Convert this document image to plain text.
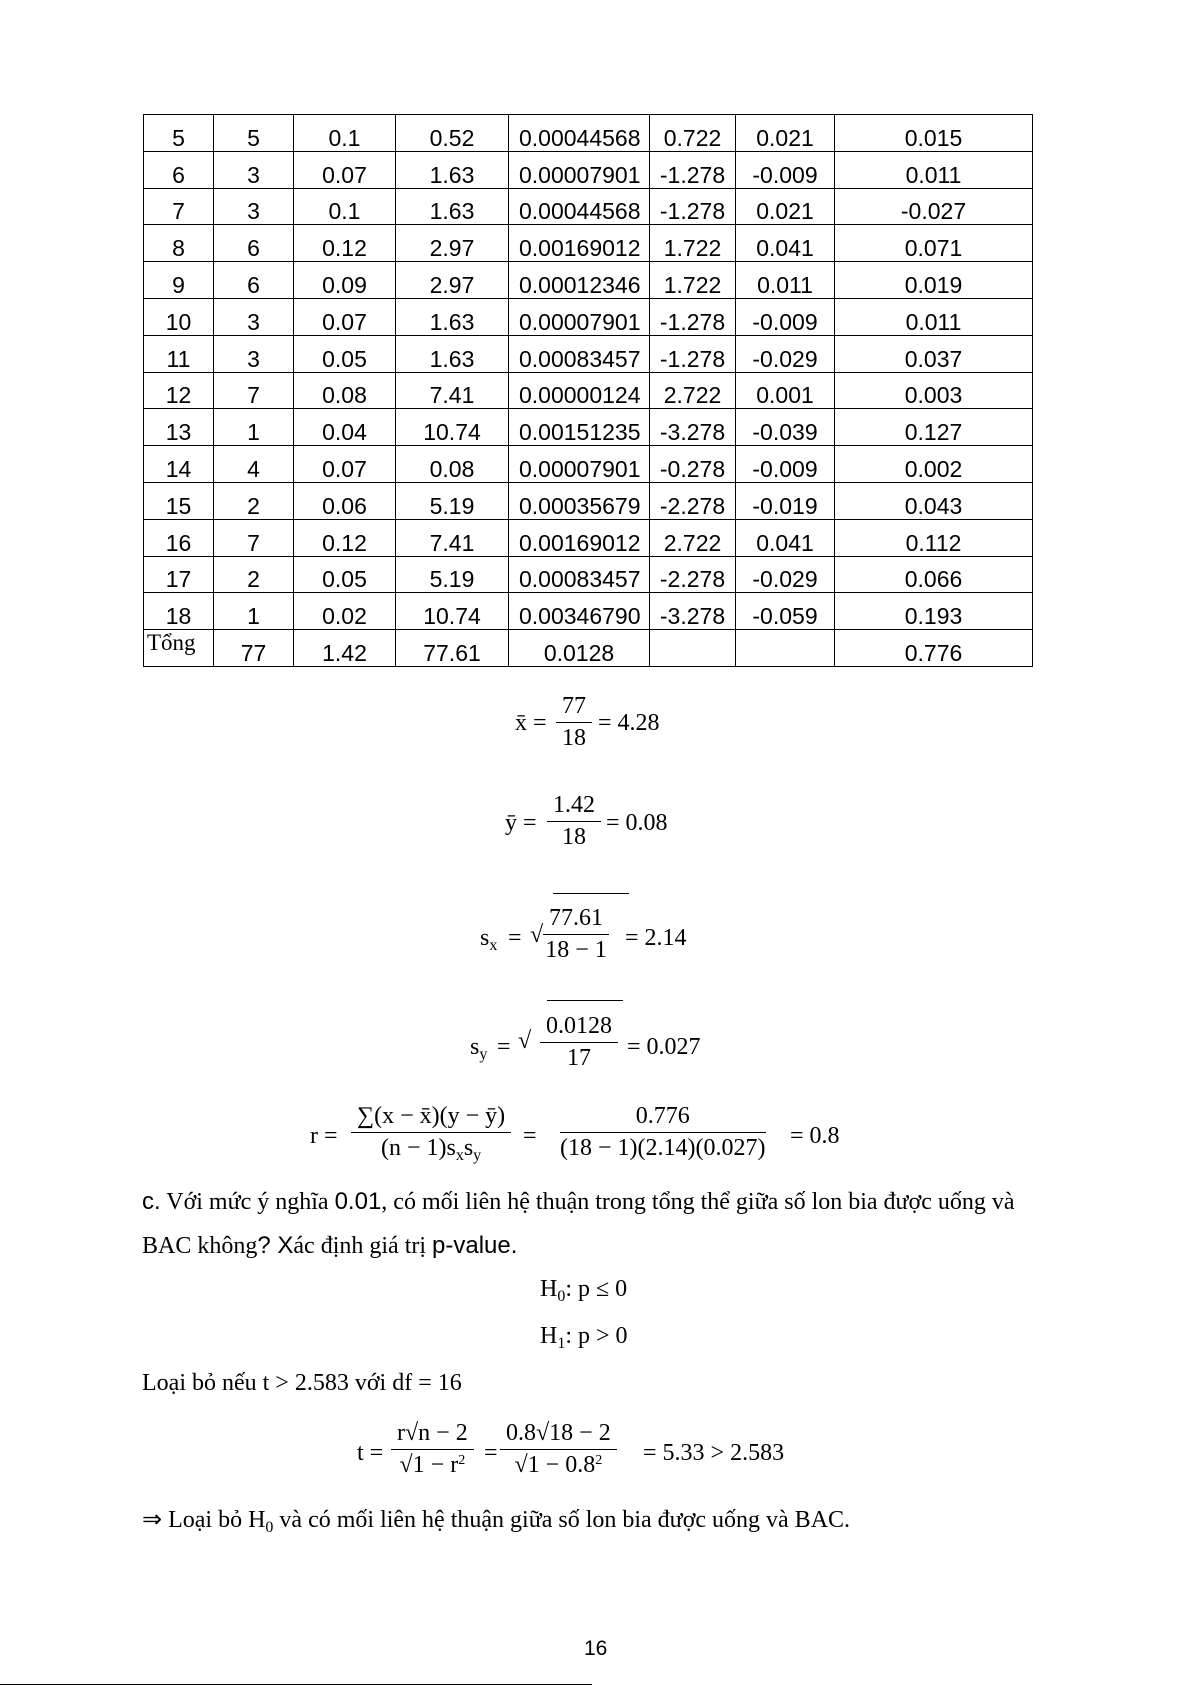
5	5	0.1	0.52	0.00044568	0.722	0.021	0.015
6	3	0.07	1.63	0.00007901	-1.278	-0.009	0.011
7	3	0.1	1.63	0.00044568	-1.278	0.021	-0.027
8	6	0.12	2.97	0.00169012	1.722	0.041	0.071
9	6	0.09	2.97	0.00012346	1.722	0.011	0.019
10	3	0.07	1.63	0.00007901	-1.278	-0.009	0.011
11	3	0.05	1.63	0.00083457	-1.278	-0.029	0.037
12	7	0.08	7.41	0.00000124	2.722	0.001	0.003
13	1	0.04	10.74	0.00151235	-3.278	-0.039	0.127
14	4	0.07	0.08	0.00007901	-0.278	-0.009	0.002
15	2	0.06	5.19	0.00035679	-2.278	-0.019	0.043
16	7	0.12	7.41	0.00169012	2.722	0.041	0.112
17	2	0.05	5.19	0.00083457	-2.278	-0.029	0.066
18	1	0.02	10.74	0.00346790	-3.278	-0.059	0.193
Tổng	77	1.42	77.61	0.0128			0.776
x̄ = $\frac{77}{18} = 4.28$
ȳ = $\frac{1.42}{18} = 0.08$
$s_x$ = √ $\frac{77.61}{18 - 1} = 2.14$
$s_y$ = √ $\frac{0.0128}{17} = 0.027$
r =
∑(x − x̄)(y − ȳ)
$(n - 1)s_xs_y$
= $\frac{0.776}{(18 - 1)(2.14)(0.027)} = 0.8$
c. Với mức ý nghĩa 0.01, có mối liên hệ thuận trong tổng thể giữa số lon bia được uống và BAC không? Xác định giá trị p-value.
$H_0$: p ≤ 0
$H_1$: p > 0
Loại bỏ nếu t > 2.583 với df = 16
$t = \frac{r√n - 2}{√1 - r^2} = \frac{0.8√18 - 2}{√1 - 0.8^2} = 5.33 > 2.583$
⇒ Loại bỏ $H_0$ và có mối liên hệ thuận giữa số lon bia được uống và BAC.
16
